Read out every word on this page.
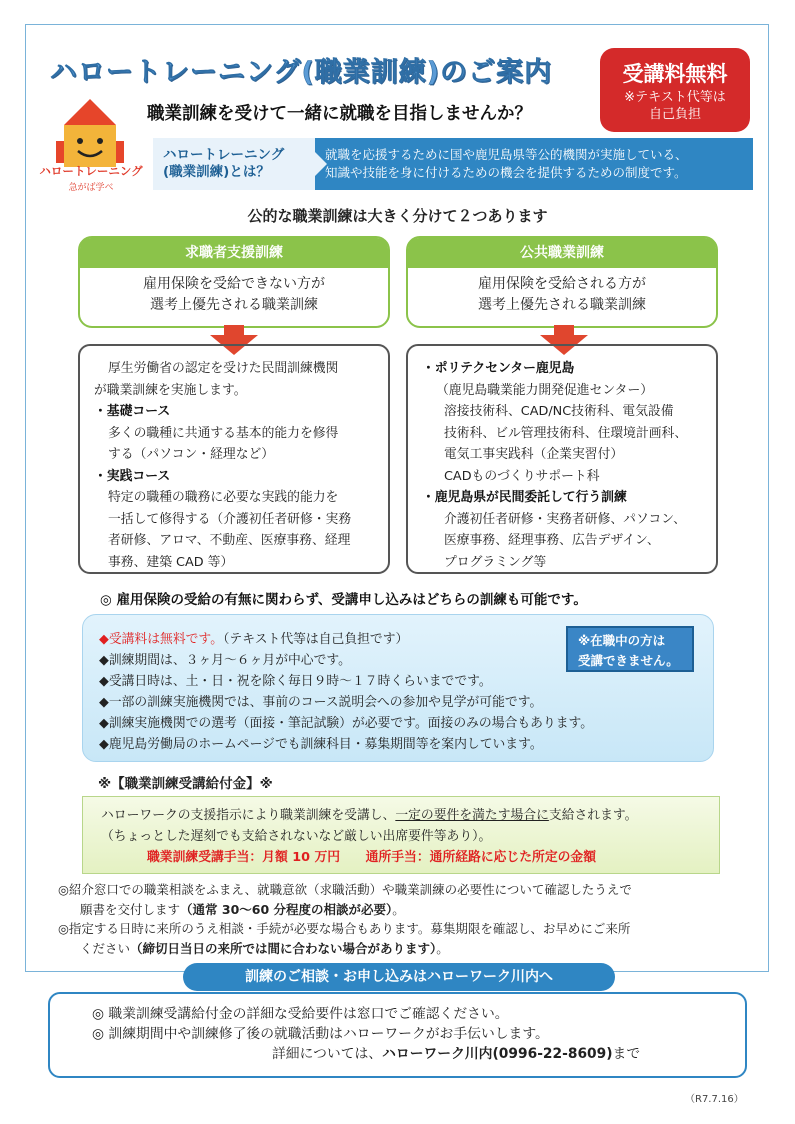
ハロートレーニング(職業訓練)のご案内	受講料無料
※テキスト代等は
自己負担
職業訓練を受けて一緒に就職を目指しませんか？
ハロートレーニング
急がば学べ
ハロートレーニング
(職業訓練)とは？
就職を応援するために国や鹿児島県等公的機関が実施している、
知識や技能を身に付けるための機会を提供するための制度です。
公的な職業訓練は大きく分けて２つあります
求職者支援訓練
雇用保険を受給できない方が
選考上優先される職業訓練
厚生労働省の認定を受けた民間訓練機関
が職業訓練を実施します。
・基礎コース
多くの職種に共通する基本的能力を修得
する（パソコン・経理など）
・実践コース
特定の職種の職務に必要な実践的能力を
一括して修得する（介護初任者研修・実務
者研修、アロマ、不動産、医療事務、経理
事務、建築 CAD 等）
公共職業訓練
雇用保険を受給される方が
選考上優先される職業訓練
・ポリテクセンター鹿児島
（鹿児島職業能力開発促進センター）
溶接技術科、CAD/NC技術科、電気設備
技術科、ビル管理技術科、住環境計画科、
電気工事実践科（企業実習付）
CADものづくりサポート科
・鹿児島県が民間委託して行う訓練
介護初任者研修・実務者研修、パソコン、
医療事務、経理事務、広告デザイン、
プログラミング等
◎ 雇用保険の受給の有無に関わらず、受講申し込みはどちらの訓練も可能です。
◆受講料は無料です。（テキスト代等は自己負担です）
◆訓練期間は、３ヶ月～６ヶ月が中心です。
◆受講日時は、土・日・祝を除く毎日９時～１７時くらいまでです。
◆一部の訓練実施機関では、事前のコース説明会への参加や見学が可能です。
◆訓練実施機関での選考（面接・筆記試験）が必要です。面接のみの場合もあります。
◆鹿児島労働局のホームページでも訓練科目・募集期間等を案内しています。
※在職中の方は
受講できません。
※【職業訓練受講給付金】※
ハローワークの支援指示により職業訓練を受講し、一定の要件を満たす場合に支給されます。
（ちょっとした遅刻でも支給されないなど厳しい出席要件等あり）。
職業訓練受講手当：月額 10 万円　　通所手当：通所経路に応じた所定の金額
◎紹介窓口での職業相談をふまえ、就職意欲（求職活動）や職業訓練の必要性について確認したうえで
願書を交付します（通常 30～60 分程度の相談が必要）。
◎指定する日時に来所のうえ相談・手続が必要な場合もあります。募集期限を確認し、お早めにご来所
ください（締切日当日の来所では間に合わない場合があります）。
◎ 職業訓練受講給付金の詳細な受給要件は窓口でご確認ください。
◎ 訓練期間中や訓練修了後の就職活動はハローワークがお手伝いします。
詳細については、ハローワーク川内(0996-22-8609)まで
訓練のご相談・お申し込みはハローワーク川内へ
（R7.7.16）
